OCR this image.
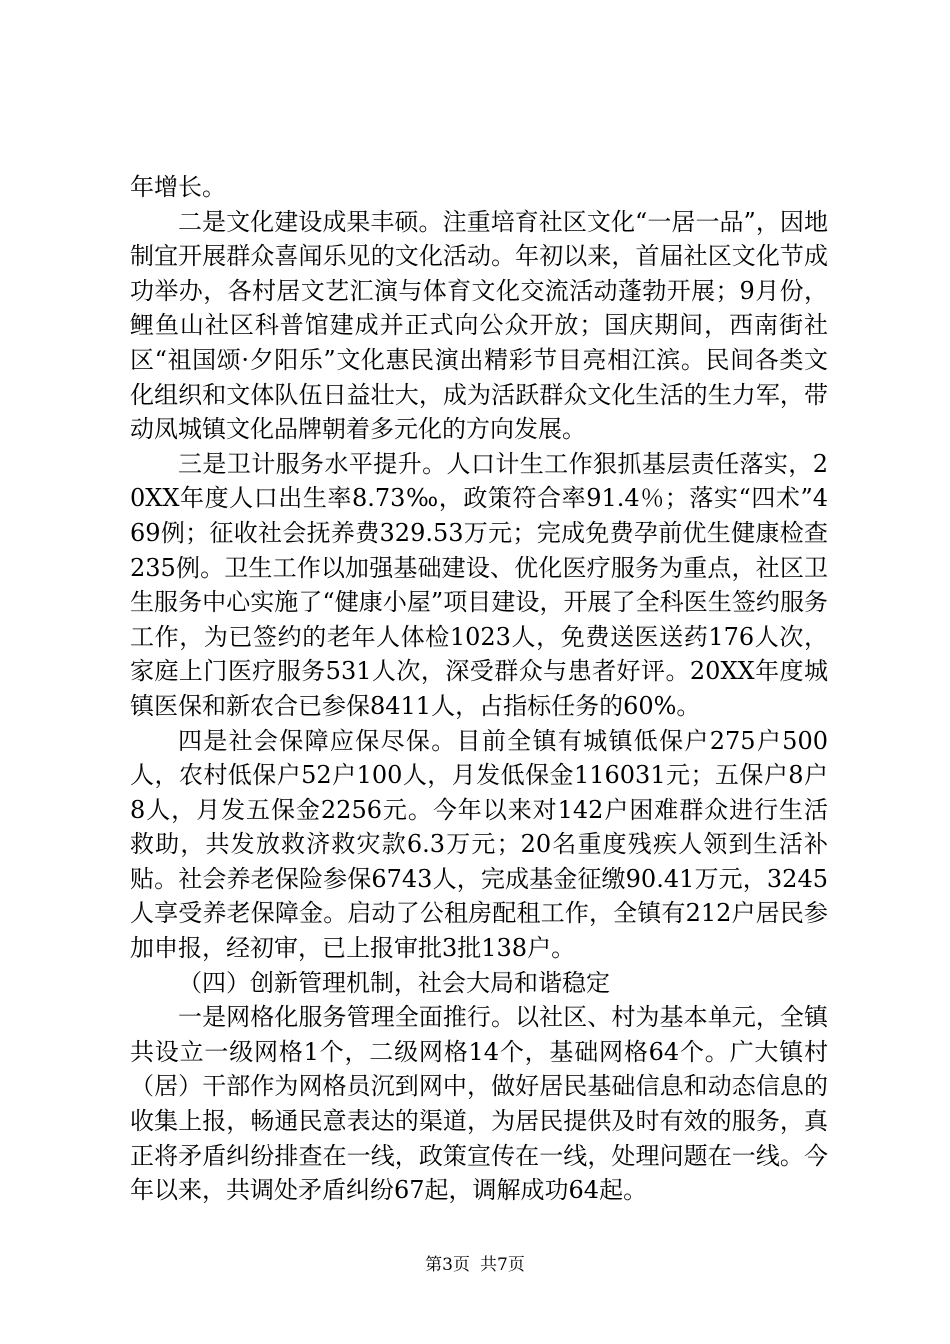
年增长。

二是文化建设成果丰硕。注重培育社区文化“一居一品”，因地制宜开展群众喜闻乐见的文化活动。年初以来，首届社区文化节成功举办，各村居文艺汇演与体育文化交流活动蓬勃开展；9月份，鲤鱼山社区科普馆建成并正式向公众开放；国庆期间，西南街社区“祖国颂·夕阳乐”文化惠民演出精彩节目亮相江滨。民间各类文化组织和文体队伍日益壮大，成为活跃群众文化生活的生力军，带动凤城镇文化品牌朝着多元化的方向发展。

三是卫计服务水平提升。人口计生工作狠抓基层责任落实，20XX年度人口出生率8.73‰，政策符合率91.4％；落实“四术”469例；征收社会抚养费329.53万元；完成免费孕前优生健康检查235例。卫生工作以加强基础建设、优化医疗服务为重点，社区卫生服务中心实施了“健康小屋”项目建设，开展了全科医生签约服务工作，为已签约的老年人体检1023人，免费送医送药176人次，家庭上门医疗服务531人次，深受群众与患者好评。20XX年度城镇医保和新农合已参保8411人，占指标任务的60%。

四是社会保障应保尽保。目前全镇有城镇低保户275户500人，农村低保户52户100人，月发低保金116031元；五保户8户8人，月发五保金2256元。今年以来对142户困难群众进行生活救助，共发放救济救灾款6.3万元；20名重度残疾人领到生活补贴。社会养老保险参保6743人，完成基金征缴90.41万元，3245人享受养老保障金。启动了公租房配租工作，全镇有212户居民参加申报，经初审，已上报审批3批138户。

（四）创新管理机制，社会大局和谐稳定

一是网格化服务管理全面推行。以社区、村为基本单元，全镇共设立一级网格1个，二级网格14个，基础网格64个。广大镇村（居）干部作为网格员沉到网中，做好居民基础信息和动态信息的收集上报，畅通民意表达的渠道，为居民提供及时有效的服务，真正将矛盾纠纷排查在一线，政策宣传在一线，处理问题在一线。今年以来，共调处矛盾纠纷67起，调解成功64起。

第3页 共7页
